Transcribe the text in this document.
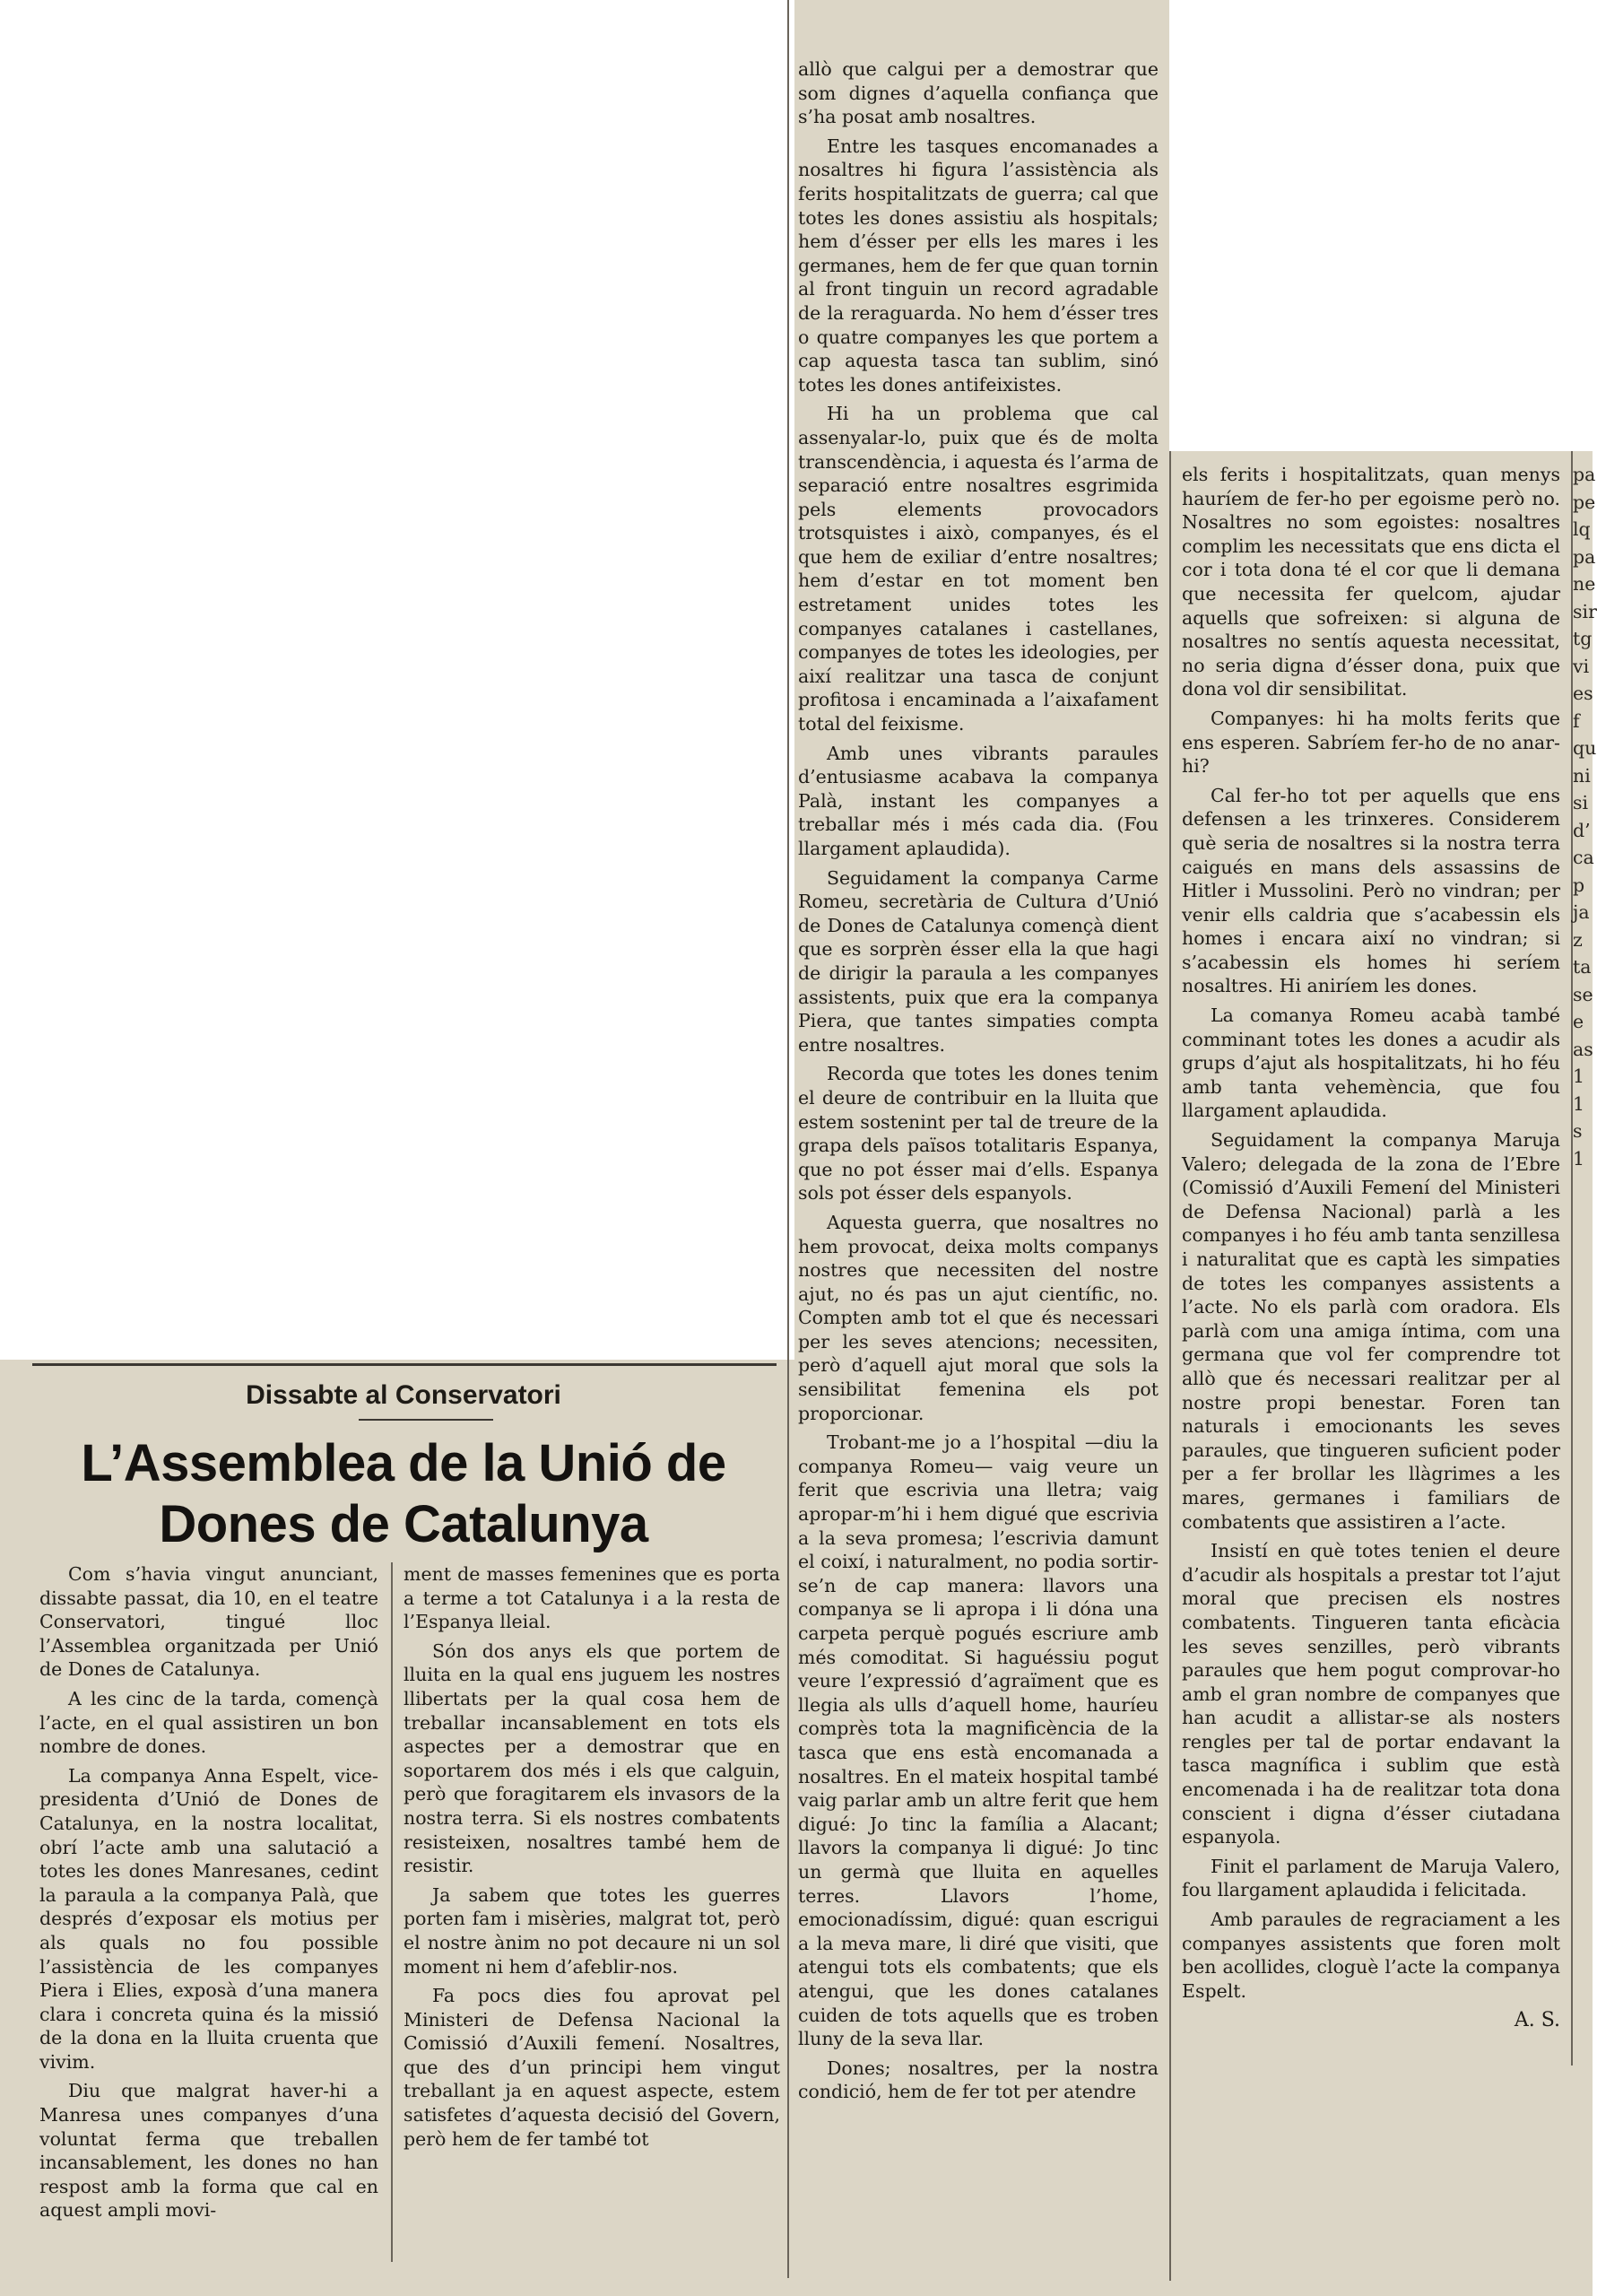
Dissabte al Conservatori
L’Assemblea de la Unió de Dones de Catalunya

Com s’havia vingut anunciant, dissabte passat, dia 10, en el teatre Conservatori, tingué lloc l’Assemblea organitzada per Unió de Dones de Catalunya.

A les cinc de la tarda, començà l’acte, en el qual assistiren un bon nombre de dones.

La companya Anna Espelt, vice-presidenta d’Unió de Dones de Catalunya, en la nostra localitat, obrí l’acte amb una salutació a totes les dones Manresanes, cedint la paraula a la companya Palà, que després d’exposar els motius per als quals no fou possible l’assistència de les companyes Piera i Elies, exposà d’una manera clara i concreta quina és la missió de la dona en la lluita cruenta que vivim.

Diu que malgrat haver-hi a Manresa unes companyes d’una voluntat ferma que treballen incansablement, les dones no han respost amb la forma que cal en aquest ampli movi-

ment de masses femenines que es porta a terme a tot Catalunya i a la resta de l’Espanya lleial.

Són dos anys els que portem de lluita en la qual ens juguem les nostres llibertats per la qual cosa hem de treballar incansablement en tots els aspectes per a demostrar que en soportarem dos més i els que calguin, però que foragitarem els invasors de la nostra terra. Si els nostres combatents resisteixen, nosaltres també hem de resistir.

Ja sabem que totes les guerres porten fam i misèries, malgrat tot, però el nostre ànim no pot decaure ni un sol moment ni hem d’afeblir-nos.

Fa pocs dies fou aprovat pel Ministeri de Defensa Nacional la Comissió d’Auxili femení. Nosaltres, que des d’un principi hem vingut treballant ja en aquest aspecte, estem satisfetes d’aquesta decisió del Govern, però hem de fer també tot

allò que calgui per a demostrar que som dignes d’aquella confiança que s’ha posat amb nosaltres.

Entre les tasques encomanades a nosaltres hi figura l’assistència als ferits hospitalitzats de guerra; cal que totes les dones assistiu als hospitals; hem d’ésser per ells les mares i les germanes, hem de fer que quan tornin al front tinguin un record agradable de la reraguarda. No hem d’ésser tres o quatre companyes les que portem a cap aquesta tasca tan sublim, sinó totes les dones antifeixistes.

Hi ha un problema que cal assenyalar-lo, puix que és de molta transcendència, i aquesta és l’arma de separació entre nosaltres esgrimida pels elements provocadors trotsquistes i això, companyes, és el que hem de exiliar d’entre nosaltres; hem d’estar en tot moment ben estretament unides totes les companyes catalanes i castellanes, companyes de totes les ideologies, per així realitzar una tasca de conjunt profitosa i encaminada a l’aixafament total del feixisme.

Amb unes vibrants paraules d’entusiasme acabava la companya Palà, instant les companyes a treballar més i més cada dia. (Fou llargament aplaudida).

Seguidament la companya Carme Romeu, secretària de Cultura d’Unió de Dones de Catalunya començà dient que es sorprèn ésser ella la que hagi de dirigir la paraula a les companyes assistents, puix que era la companya Piera, que tantes simpaties compta entre nosaltres.

Recorda que totes les dones tenim el deure de contribuir en la lluita que estem sostenint per tal de treure de la grapa dels països totalitaris Espanya, que no pot ésser mai d’ells. Espanya sols pot ésser dels espanyols.

Aquesta guerra, que nosaltres no hem provocat, deixa molts companys nostres que necessiten del nostre ajut, no és pas un ajut científic, no. Compten amb tot el que és necessari per les seves atencions; necessiten, però d’aquell ajut moral que sols la sensibilitat femenina els pot proporcionar.

Trobant-me jo a l’hospital —diu la companya Romeu— vaig veure un ferit que escrivia una lletra; vaig apropar-m’hi i hem digué que escrivia a la seva promesa; l’escrivia damunt el coixí, i naturalment, no podia sortir-se’n de cap manera: llavors una companya se li apropa i li dóna una carpeta perquè pogués escriure amb més comoditat. Si haguéssiu pogut veure l’expressió d’agraïment que es llegia als ulls d’aquell home, hauríeu comprès tota la magnificència de la tasca que ens està encomanada a nosaltres. En el mateix hospital també vaig parlar amb un altre ferit que hem digué: Jo tinc la família a Alacant; llavors la companya li digué: Jo tinc un germà que lluita en aquelles terres. Llavors l’home, emocionadíssim, digué: quan escrigui a la meva mare, li diré que visiti, que atengui tots els combatents; que els atengui, que les dones catalanes cuiden de tots aquells que es troben lluny de la seva llar.

Dones; nosaltres, per la nostra condició, hem de fer tot per atendre

els ferits i hospitalitzats, quan menys hauríem de fer-ho per egoisme però no. Nosaltres no som egoistes: nosaltres complim les necessitats que ens dicta el cor i tota dona té el cor que li demana que necessita fer quelcom, ajudar aquells que sofreixen: si alguna de nosaltres no sentís aquesta necessitat, no seria digna d’ésser dona, puix que dona vol dir sensibilitat.

Companyes: hi ha molts ferits que ens esperen. Sabríem fer-ho de no anar-hi?

Cal fer-ho tot per aquells que ens defensen a les trinxeres. Considerem què seria de nosaltres si la nostra terra caigués en mans dels assassins de Hitler i Mussolini. Però no vindran; per venir ells caldria que s’acabessin els homes i encara així no vindran; si s’acabessin els homes hi seríem nosaltres. Hi aniríem les dones.

La comanya Romeu acabà també comminant totes les dones a acudir als grups d’ajut als hospitalitzats, hi ho féu amb tanta vehemència, que fou llargament aplaudida.

Seguidament la companya Maruja Valero; delegada de la zona de l’Ebre (Comissió d’Auxili Femení del Ministeri de Defensa Nacional) parlà a les companyes i ho féu amb tanta senzillesa i naturalitat que es captà les simpaties de totes les companyes assistents a l’acte. No els parlà com oradora. Els parlà com una amiga íntima, com una germana que vol fer comprendre tot allò que és necessari realitzar per al nostre propi benestar. Foren tan naturals i emocionants les seves paraules, que tingueren suficient poder per a fer brollar les llàgrimes a les mares, germanes i familiars de combatents que assistiren a l’acte.

Insistí en què totes tenien el deure d’acudir als hospitals a prestar tot l’ajut moral que precisen els nostres combatents. Tingueren tanta eficàcia les seves senzilles, però vibrants paraules que hem pogut comprovar-ho amb el gran nombre de companyes que han acudit a allistar-se als nosters rengles per tal de portar endavant la tasca magnífica i sublim que està encomenada i ha de realitzar tota dona conscient i digna d’ésser ciutadana espanyola.

Finit el parlament de Maruja Valero, fou llargament aplaudida i felicitada.

Amb paraules de regraciament a les companyes assistents que foren molt ben acollides, cloguè l’acte la companya Espelt.

A. S.
pa
pe
lq
pa
ne
sir
tg
vi
es
f
qu
ni
si
d’
ca
p
ja
z
ta
se
e
as
1
1
s
1
